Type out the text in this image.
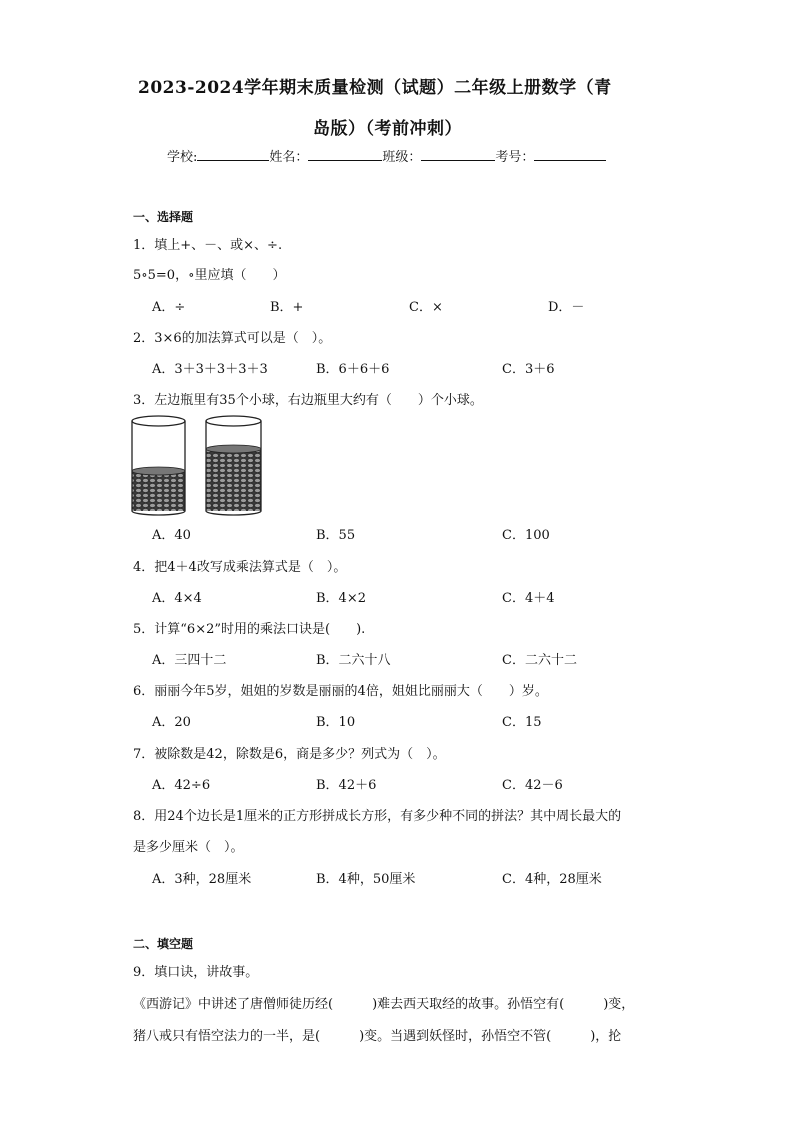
2023-2024学年期末质量检测（试题）二年级上册数学（青
岛版）（考前冲刺）
学校:	姓名：	班级：	考号：
一、选择题
1．填上+、－、或×、÷.
5∘5=0，∘里应填（　　）
A．÷	B．+	C．×	D．－
2．3×6的加法算式可以是（　）。
A．3＋3＋3＋3＋3	B．6＋6＋6	C．3＋6
3．左边瓶里有35个小球，右边瓶里大约有（　　）个小球。
A．40	B．55	C．100
4．把4＋4改写成乘法算式是（　）。
A．4×4	B．4×2	C．4＋4
5．计算“6×2”时用的乘法口诀是(　　).
A．三四十二	B．二六十八	C．二六十二
6．丽丽今年5岁，姐姐的岁数是丽丽的4倍，姐姐比丽丽大（　　）岁。
A．20	B．10	C．15
7．被除数是42，除数是6，商是多少？列式为（　）。
A．42÷6	B．42＋6	C．42－6
8．用24个边长是1厘米的正方形拼成长方形，有多少种不同的拼法？其中周长最大的
是多少厘米（　）。
A．3种，28厘米	B．4种，50厘米	C．4种，28厘米
二、填空题
9．填口诀，讲故事。
《西游记》中讲述了唐僧师徒历经(　　　)难去西天取经的故事。孙悟空有(　　　)变，
猪八戒只有悟空法力的一半，是(　　　)变。当遇到妖怪时，孙悟空不管(　　　)，抡
